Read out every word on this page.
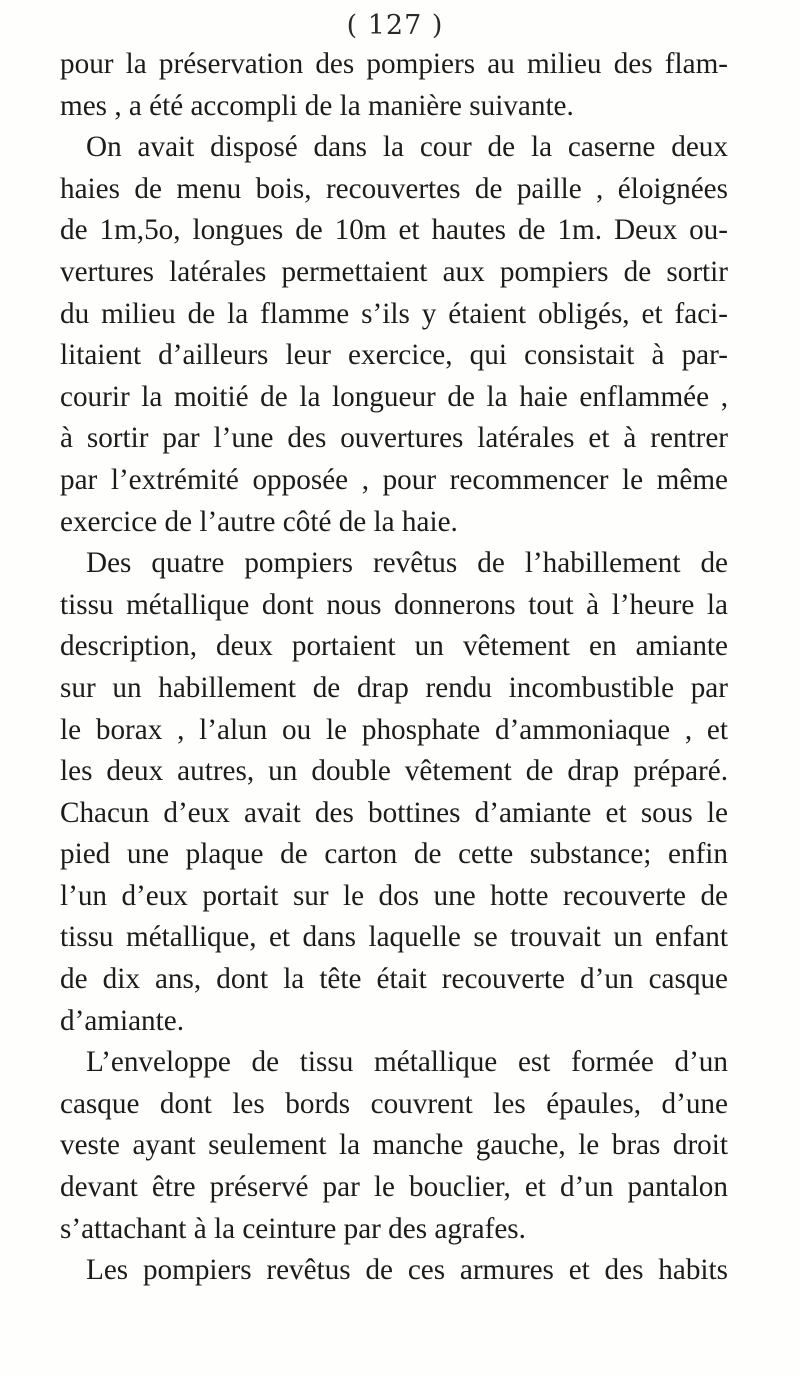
( 127 )
pour la préservation des pompiers au milieu des flam-
mes , a été accompli de la manière suivante.
On avait disposé dans la cour de la caserne deux
haies de menu bois, recouvertes de paille , éloignées
de 1m,5o, longues de 10m et hautes de 1m. Deux ou-
vertures latérales permettaient aux pompiers de sortir
du milieu de la flamme s’ils y étaient obligés, et faci-
litaient d’ailleurs leur exercice, qui consistait à par-
courir la moitié de la longueur de la haie enflammée ,
à sortir par l’une des ouvertures latérales et à rentrer
par l’extrémité opposée , pour recommencer le même
exercice de l’autre côté de la haie.
Des quatre pompiers revêtus de l’habillement de
tissu métallique dont nous donnerons tout à l’heure la
description, deux portaient un vêtement en amiante
sur un habillement de drap rendu incombustible par
le borax , l’alun ou le phosphate d’ammoniaque , et
les deux autres, un double vêtement de drap préparé.
Chacun d’eux avait des bottines d’amiante et sous le
pied une plaque de carton de cette substance; enfin
l’un d’eux portait sur le dos une hotte recouverte de
tissu métallique, et dans laquelle se trouvait un enfant
de dix ans, dont la tête était recouverte d’un casque
d’amiante.
L’enveloppe de tissu métallique est formée d’un
casque dont les bords couvrent les épaules, d’une
veste ayant seulement la manche gauche, le bras droit
devant être préservé par le bouclier, et d’un pantalon
s’attachant à la ceinture par des agrafes.
Les pompiers revêtus de ces armures et des habits
